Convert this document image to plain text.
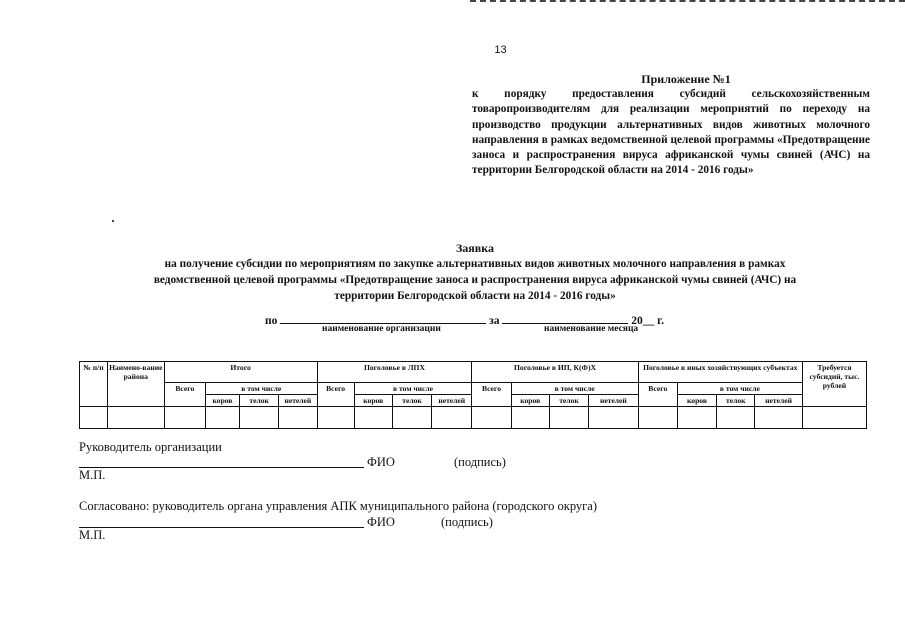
13
Приложение №1
к порядку предоставления субсидий сельскохозяйственным товаропроизводителям для реализации мероприятий по переходу на производство продукции альтернативных видов животных молочного направления в рамках ведомственной целевой программы «Предотвращение заноса и распространения вируса африканской чумы свиней (АЧС) на территории Белгородской области на 2014 - 2016 годы»
Заявка
на получение субсидии по мероприятиям по закупке альтернативных видов животных молочного направления в рамках
ведомственной целевой программы «Предотвращение заноса и распространения вируса африканской чумы свиней (АЧС) на
территории Белгородской области на 2014 - 2016 годы»
по	за	20__ г.
наименование организации	наименование месяца
№ п/п	Наимено-вание района	Итого				Поголовье в ЛПХ				Поголовье в ИП, К(Ф)Х				Поголовье в иных хозяйствующих субъектах				Требуется субсидий, тыс. рублей
		Всего	в том числе			Всего	в том числе			Всего	в том числе			Всего	в том числе			
			коров	телок	нетелей		коров	телок	нетелей		коров	телок	нетелей		коров	телок	нетелей	

Руководитель организации
ФИО	(подпись)
М.П.
Согласовано: руководитель органа управления АПК муниципального района (городского округа)
ФИО	(подпись)
М.П.
